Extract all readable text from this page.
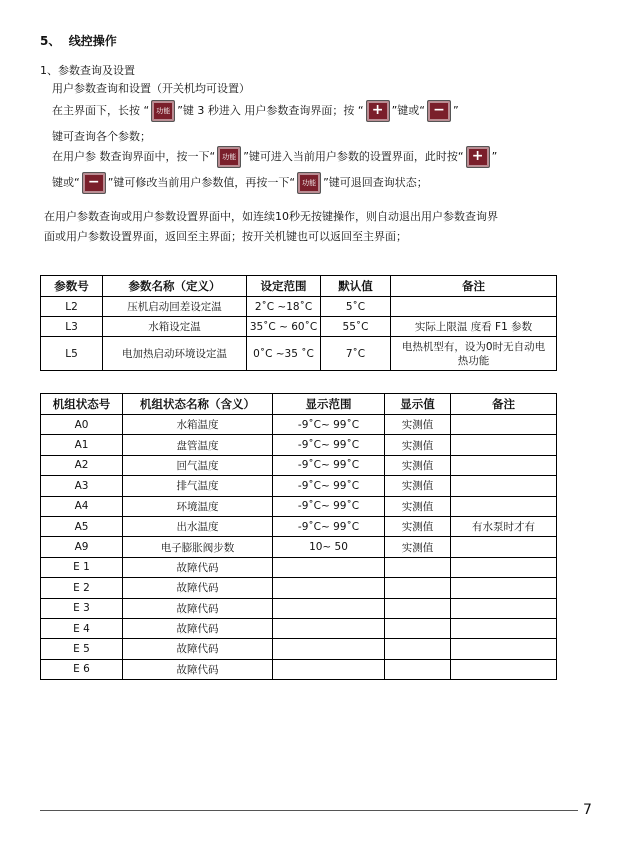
5、 线控操作
1、参数查询及设置
用户参数查询和设置（开关机均可设置）
在主界面下，长按 “ 功能 ”键 3 秒进入 用户参数查询界面；按 “ + ”键或“ − ”
键可查询各个参数；
在用户参 数查询界面中，按一下“ 功能 ”键可进入当前用户参数的设置界面，此时按“ + ”
键或“ − ”键可修改当前用户参数值，再按一下“ 功能 ”键可退回查询状态；
在用户参数查询或用户参数设置界面中，如连续10秒无按键操作，则自动退出用户参数查询界
面或用户参数设置界面，返回至主界面；按开关机键也可以返回至主界面；
参数号	参数名称（定义）	设定范围	默认值	备注
L2	压机启动回差设定温	2˚C ~18˚C	5˚C	
L3	水箱设定温	35˚C ~ 60˚C	55˚C	实际上限温 度看 F1 参数
L5	电加热启动环境设定温	0˚C ~35 ˚C	7˚C	电热机型有，设为0时无自动电热功能
机组状态号	机组状态名称（含义）	显示范围	显示值	备注
A0	水箱温度	-9˚C~ 99˚C	实测值	
A1	盘管温度	-9˚C~ 99˚C	实测值	
A2	回气温度	-9˚C~ 99˚C	实测值	
A3	排气温度	-9˚C~ 99˚C	实测值	
A4	环境温度	-9˚C~ 99˚C	实测值	
A5	出水温度	-9˚C~ 99˚C	实测值	有水泵时才有
A9	电子膨胀阀步数	10~ 50	实测值	
E 1	故障代码			
E 2	故障代码			
E 3	故障代码			
E 4	故障代码			
E 5	故障代码			
E 6	故障代码			
7
